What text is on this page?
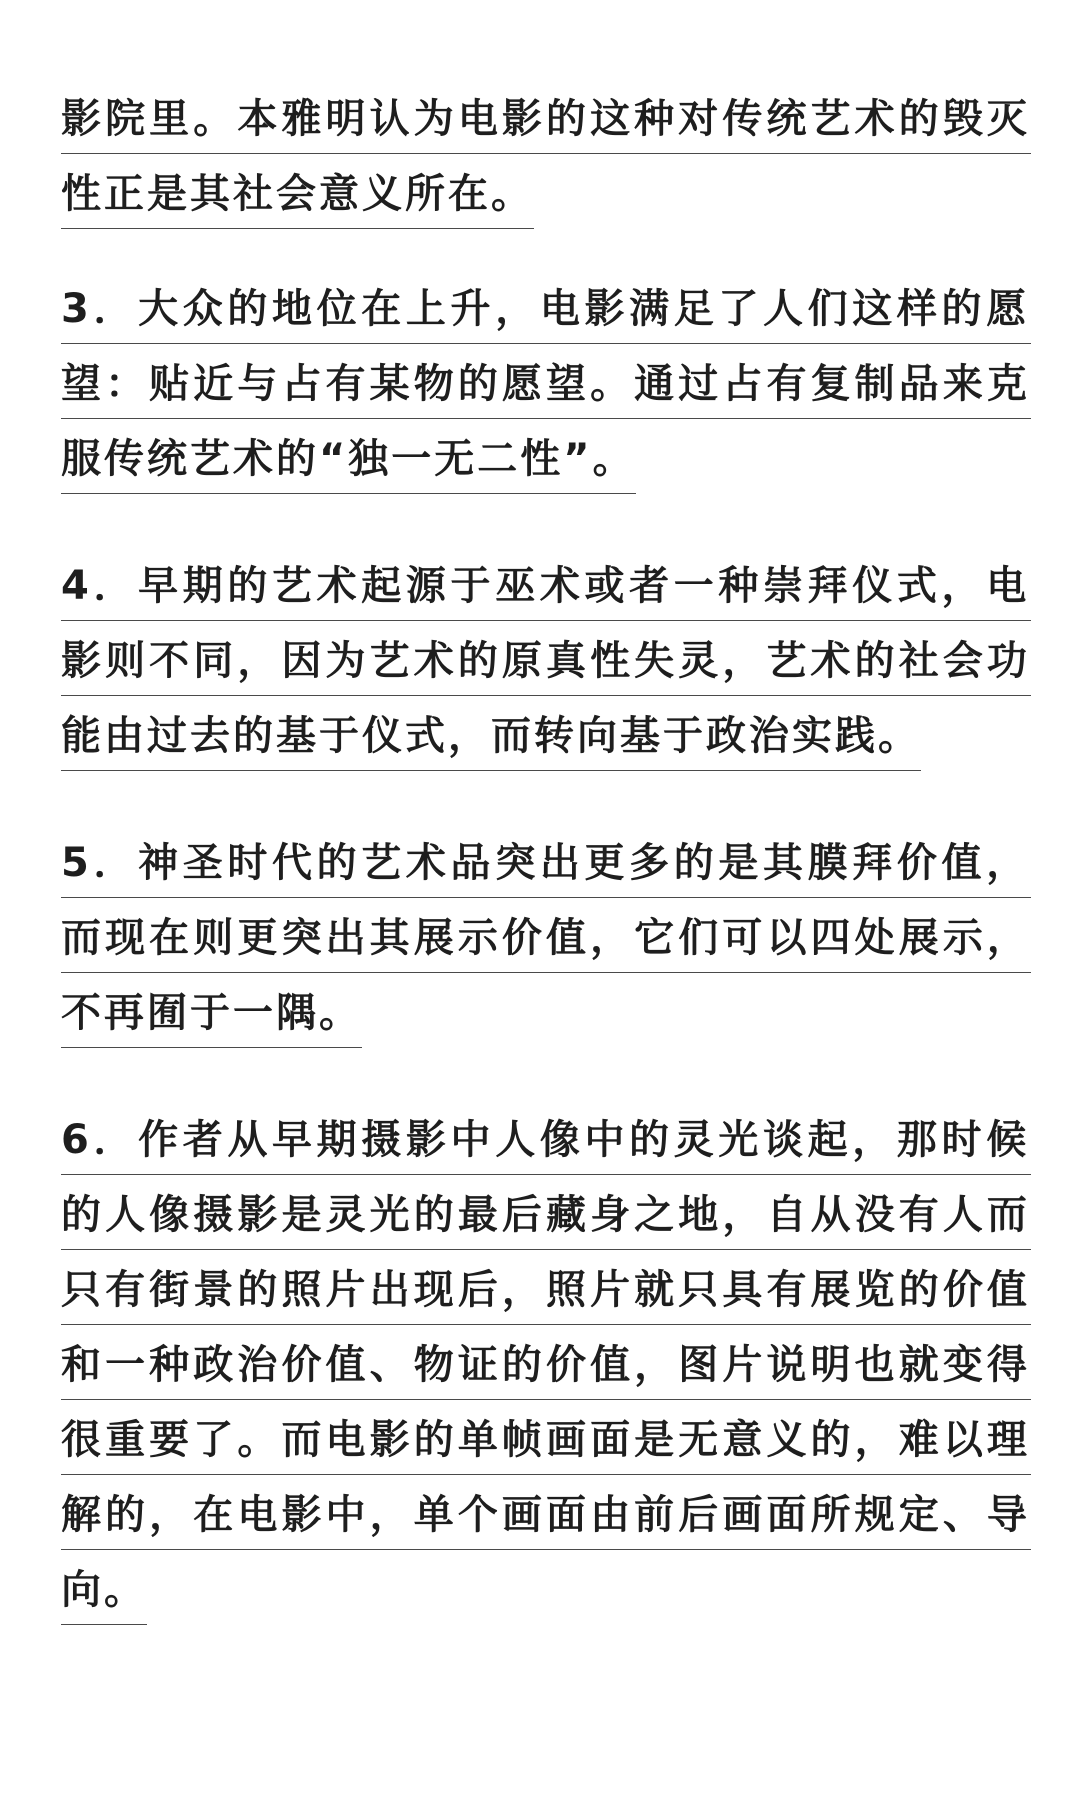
影院里。本雅明认为电影的这种对传统艺术的毁灭
性正是其社会意义所在。
3．大众的地位在上升，电影满足了人们这样的愿
望：贴近与占有某物的愿望。通过占有复制品来克
服传统艺术的“独一无二性”。
4．早期的艺术起源于巫术或者一种崇拜仪式，电
影则不同，因为艺术的原真性失灵，艺术的社会功
能由过去的基于仪式，而转向基于政治实践。
5．神圣时代的艺术品突出更多的是其膜拜价值，
而现在则更突出其展示价值，它们可以四处展示，
不再囿于一隅。
6．作者从早期摄影中人像中的灵光谈起，那时候
的人像摄影是灵光的最后藏身之地，自从没有人而
只有街景的照片出现后，照片就只具有展览的价值
和一种政治价值、物证的价值，图片说明也就变得
很重要了。而电影的单帧画面是无意义的，难以理
解的，在电影中，单个画面由前后画面所规定、导
向。
